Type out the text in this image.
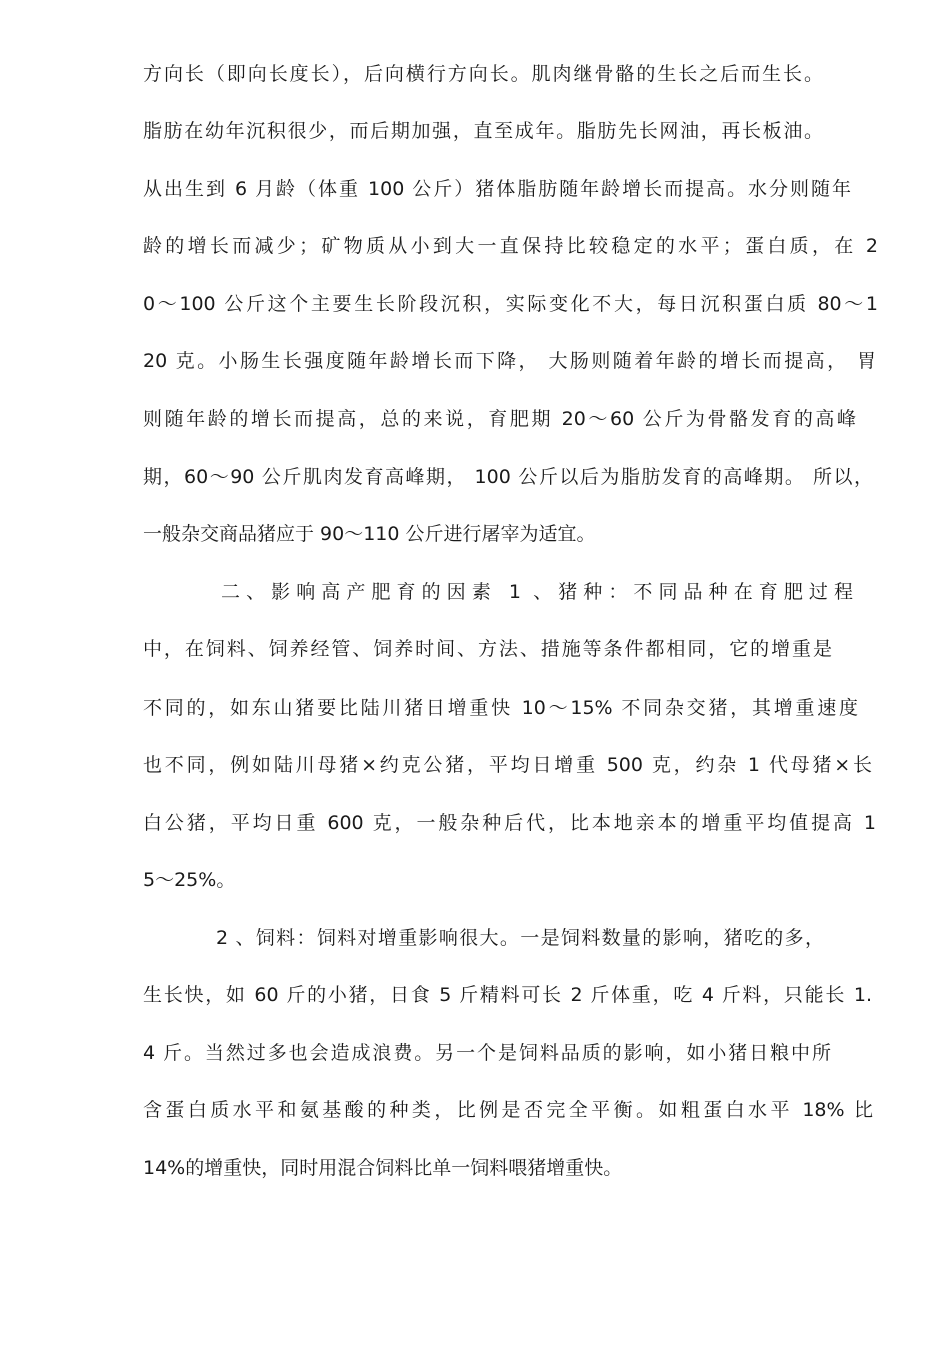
方向长（即向长度长），后向横行方向长。肌肉继骨骼的生长之后而生长。
脂肪在幼年沉积很少，而后期加强，直至成年。脂肪先长网油，再长板油。
从出生到 6 月龄（体重 100 公斤）猪体脂肪随年龄增长而提高。水分则随年
龄的增长而减少；矿物质从小到大一直保持比较稳定的水平；蛋白质，在 2
0～100 公斤这个主要生长阶段沉积，实际变化不大，每日沉积蛋白质 80～1
20 克。小肠生长强度随年龄增长而下降， 大肠则随着年龄的增长而提高， 胃
则随年龄的增长而提高，总的来说，育肥期 20～60 公斤为骨骼发育的高峰
期，60～90 公斤肌肉发育高峰期， 100 公斤以后为脂肪发育的高峰期。 所以，
一般杂交商品猪应于 90～110 公斤进行屠宰为适宜。
二、影响高产肥育的因素 1 、猪种：不同品种在育肥过程
中，在饲料、饲养经管、饲养时间、方法、措施等条件都相同，它的增重是
不同的，如东山猪要比陆川猪日增重快 10～15% 不同杂交猪，其增重速度
也不同，例如陆川母猪×约克公猪，平均日增重 500 克，约杂 1 代母猪×长
白公猪，平均日重 600 克，一般杂种后代，比本地亲本的增重平均值提高 1
5～25%。
2 、饲料：饲料对增重影响很大。一是饲料数量的影响，猪吃的多，
生长快，如 60 斤的小猪，日食 5 斤精料可长 2 斤体重，吃 4 斤料，只能长 1.
4 斤。当然过多也会造成浪费。另一个是饲料品质的影响，如小猪日粮中所
含蛋白质水平和氨基酸的种类，比例是否完全平衡。如粗蛋白水平 18% 比
14%的增重快，同时用混合饲料比单一饲料喂猪增重快。
